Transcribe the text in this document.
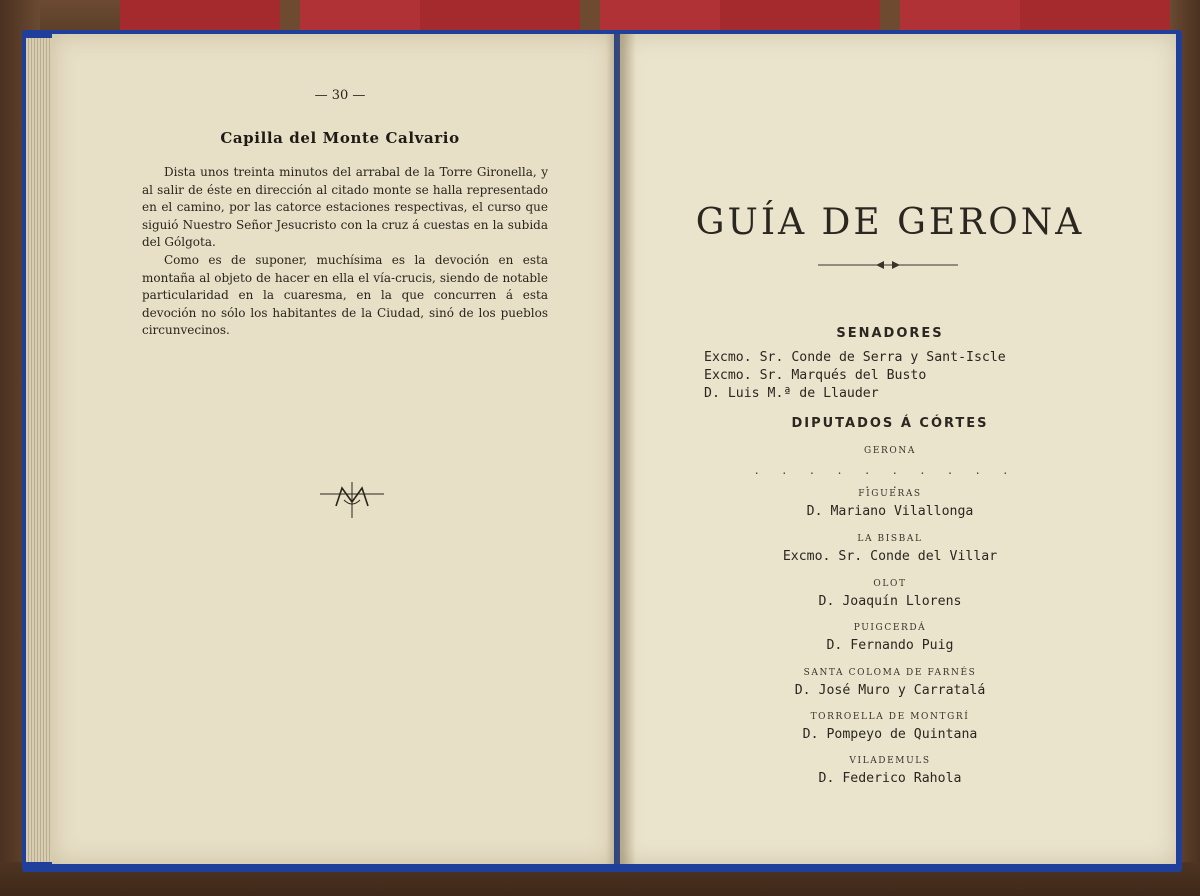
— 30 —
Capilla del Monte Calvario

Dista unos treinta minutos del arrabal de la Torre Gironella, y al salir de éste en dirección al citado monte se halla representado en el camino, por las catorce estaciones respectivas, el curso que siguió Nuestro Señor Jesucristo con la cruz á cuestas en la subida del Gólgota.

Como es de suponer, muchísima es la devoción en esta montaña al objeto de hacer en ella el vía-crucis, siendo de notable particularidad en la cuaresma, en la que concurren á esta devoción no sólo los habitantes de la Ciudad, sinó de los pueblos circunvecinos.

GUÍA DE GERONA
SENADORES
Excmo. Sr. Conde de Serra y Sant-Iscle
Excmo. Sr. Marqués del Busto
D. Luis M.ª de Llauder
DIPUTADOS Á CÓRTES
GERONA
. . . . . . . . . . . .
FIGUERAS
D. Mariano Vilallonga
LA BISBAL
Excmo. Sr. Conde del Villar
OLOT
D. Joaquín Llorens
PUIGCERDÁ
D. Fernando Puig
SANTA COLOMA DE FARNÉS
D. José Muro y Carratalá
TORROELLA DE MONTGRÍ
D. Pompeyo de Quintana
VILADEMULS
D. Federico Rahola
